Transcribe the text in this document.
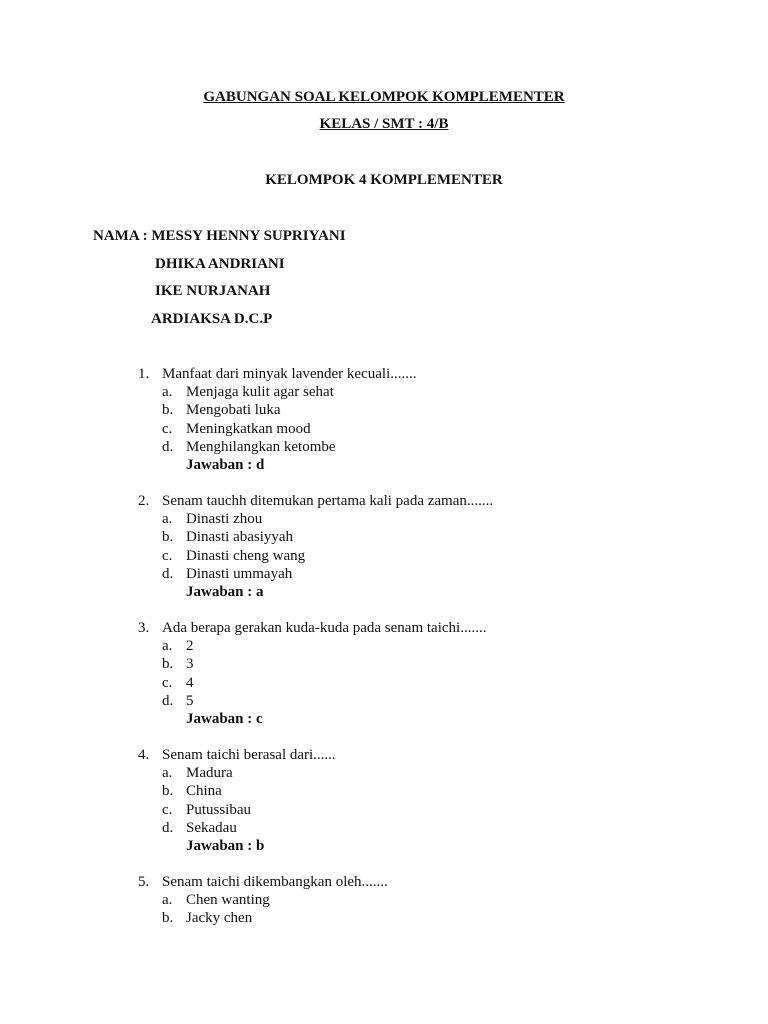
GABUNGAN SOAL KELOMPOK KOMPLEMENTER
KELAS / SMT : 4/B
KELOMPOK 4 KOMPLEMENTER
NAMA : MESSY HENNY SUPRIYANI
DHIKA ANDRIANI
IKE NURJANAH
ARDIAKSA D.C.P
1. Manfaat dari minyak lavender kecuali.......
a. Menjaga kulit agar sehat
b. Mengobati luka
c. Meningkatkan mood
d. Menghilangkan ketombe
Jawaban : d
2. Senam tauchh ditemukan pertama kali pada zaman.......
a. Dinasti zhou
b. Dinasti abasiyyah
c. Dinasti cheng wang
d. Dinasti ummayah
Jawaban : a
3. Ada berapa gerakan kuda-kuda pada senam taichi.......
a. 2
b. 3
c. 4
d. 5
Jawaban : c
4. Senam taichi berasal dari......
a. Madura
b. China
c. Putussibau
d. Sekadau
Jawaban : b
5. Senam taichi dikembangkan oleh.......
a. Chen wanting
b. Jacky chen
